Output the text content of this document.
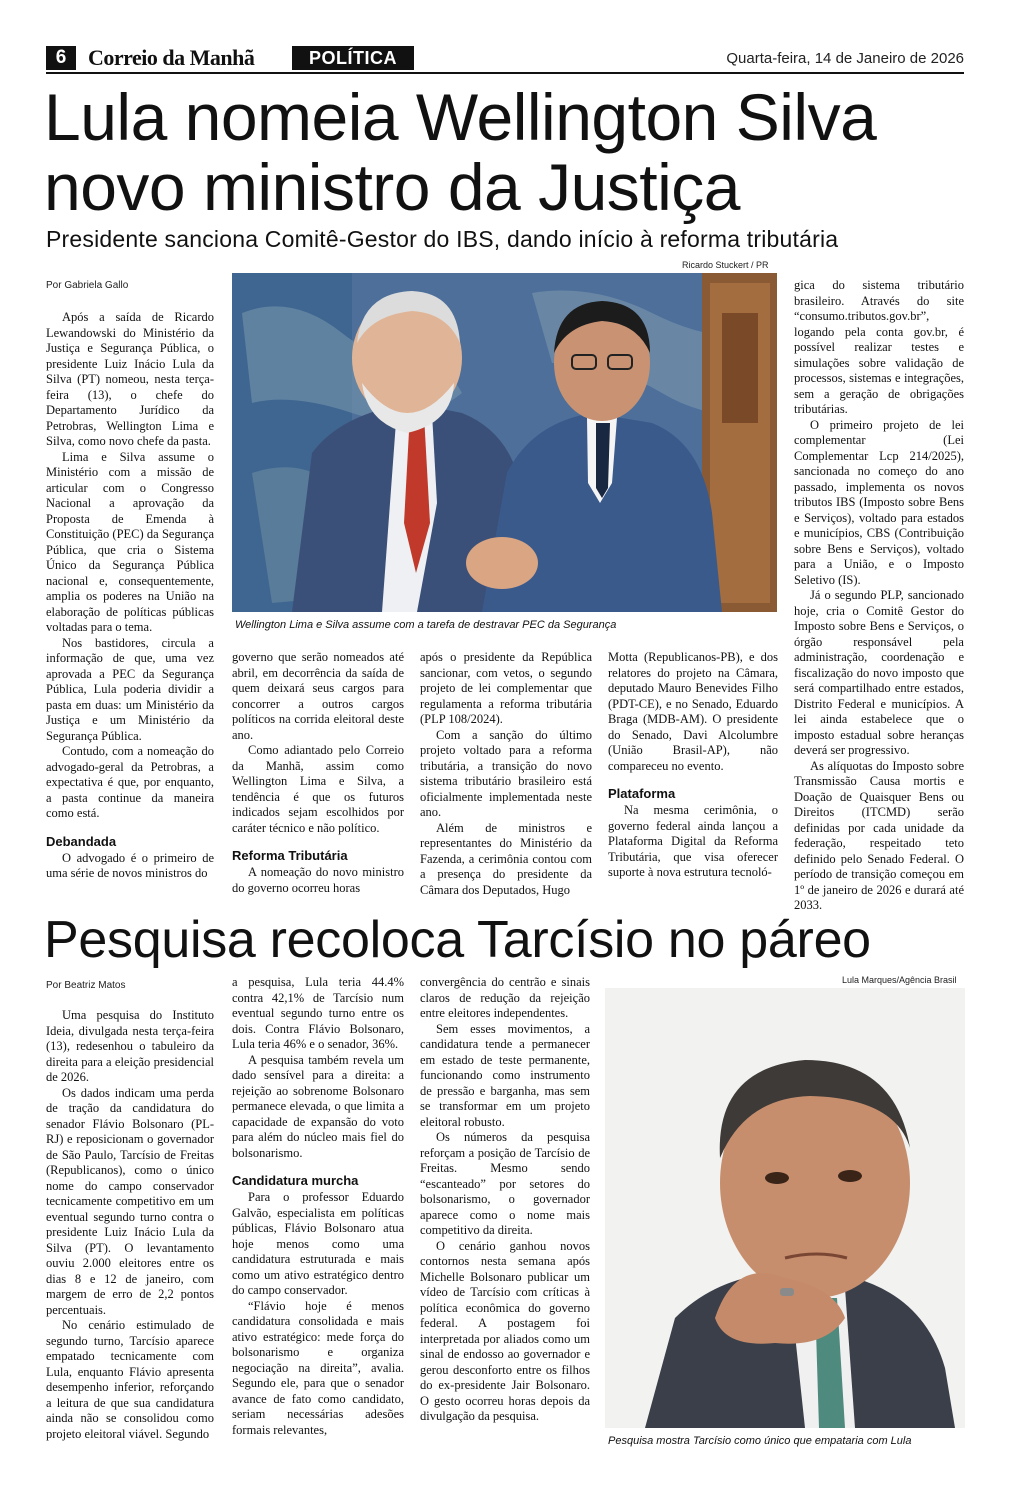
6 Correio da Manhã	POLÍTICA	Quarta-feira, 14 de Janeiro de 2026
Lula nomeia Wellington Silva novo ministro da Justiça
Presidente sanciona Comitê-Gestor do IBS, dando início à reforma tributária
Por Gabriela Gallo
Ricardo Stuckert / PR
Wellington Lima e Silva assume com a tarefa de destravar PEC da Segurança

Após a saída de Ricardo Lewandowski do Ministério da Justiça e Segurança Pública, o presidente Luiz Inácio Lula da Silva (PT) nomeou, nesta terça-feira (13), o chefe do Departamento Jurídico da Petrobras, Wellington Lima e Silva, como novo chefe da pasta.

Lima e Silva assume o Ministério com a missão de articular com o Congresso Nacional a aprovação da Proposta de Emenda à Constituição (PEC) da Segurança Pública, que cria o Sistema Único da Segurança Pública nacional e, consequentemente, amplia os poderes na União na elaboração de políticas públicas voltadas para o tema.

Nos bastidores, circula a informação de que, uma vez aprovada a PEC da Segurança Pública, Lula poderia dividir a pasta em duas: um Ministério da Justiça e um Ministério da Segurança Pública.

Contudo, com a nomeação do advogado-geral da Petrobras, a expectativa é que, por enquanto, a pasta continue da maneira como está.

Debandada

O advogado é o primeiro de uma série de novos ministros do

governo que serão nomeados até abril, em decorrência da saída de quem deixará seus cargos para concorrer a outros cargos políticos na corrida eleitoral deste ano.

Como adiantado pelo Correio da Manhã, assim como Wellington Lima e Silva, a tendência é que os futuros indicados sejam escolhidos por caráter técnico e não político.

Reforma Tributária

A nomeação do novo ministro do governo ocorreu horas

após o presidente da República sancionar, com vetos, o segundo projeto de lei complementar que regulamenta a reforma tributária (PLP 108/2024).

Com a sanção do último projeto voltado para a reforma tributária, a transição do novo sistema tributário brasileiro está oficialmente implementada neste ano.

Além de ministros e representantes do Ministério da Fazenda, a cerimônia contou com a presença do presidente da Câmara dos Deputados, Hugo

Motta (Republicanos-PB), e dos relatores do projeto na Câmara, deputado Mauro Benevides Filho (PDT-CE), e no Senado, Eduardo Braga (MDB-AM). O presidente do Senado, Davi Alcolumbre (União Brasil-AP), não compareceu no evento.

Plataforma

Na mesma cerimônia, o governo federal ainda lançou a Plataforma Digital da Reforma Tributária, que visa oferecer suporte à nova estrutura tecnoló-

gica do sistema tributário brasileiro. Através do site “consumo.tributos.gov.br”, logando pela conta gov.br, é possível realizar testes e simulações sobre validação de processos, sistemas e integrações, sem a geração de obrigações tributárias.

O primeiro projeto de lei complementar (Lei Complementar Lcp 214/2025), sancionada no começo do ano passado, implementa os novos tributos IBS (Imposto sobre Bens e Serviços), voltado para estados e municípios, CBS (Contribuição sobre Bens e Serviços), voltado para a União, e o Imposto Seletivo (IS).

Já o segundo PLP, sancionado hoje, cria o Comitê Gestor do Imposto sobre Bens e Serviços, o órgão responsável pela administração, coordenação e fiscalização do novo imposto que será compartilhado entre estados, Distrito Federal e municípios. A lei ainda estabelece que o imposto estadual sobre heranças deverá ser progressivo.

As alíquotas do Imposto sobre Transmissão Causa mortis e Doação de Quaisquer Bens ou Direitos (ITCMD) serão definidas por cada unidade da federação, respeitado teto definido pelo Senado Federal. O período de transição começou em 1º de janeiro de 2026 e durará até 2033.

Pesquisa recoloca Tarcísio no páreo
Por Beatriz Matos	Lula Marques/Agência Brasil

Uma pesquisa do Instituto Ideia, divulgada nesta terça-feira (13), redesenhou o tabuleiro da direita para a eleição presidencial de 2026.

Os dados indicam uma perda de tração da candidatura do senador Flávio Bolsonaro (PL-RJ) e reposicionam o governador de São Paulo, Tarcísio de Freitas (Republicanos), como o único nome do campo conservador tecnicamente competitivo em um eventual segundo turno contra o presidente Luiz Inácio Lula da Silva (PT). O levantamento ouviu 2.000 eleitores entre os dias 8 e 12 de janeiro, com margem de erro de 2,2 pontos percentuais.

No cenário estimulado de segundo turno, Tarcísio aparece empatado tecnicamente com Lula, enquanto Flávio apresenta desempenho inferior, reforçando a leitura de que sua candidatura ainda não se consolidou como projeto eleitoral viável. Segundo

a pesquisa, Lula teria 44.4% contra 42,1% de Tarcísio num eventual segundo turno entre os dois. Contra Flávio Bolsonaro, Lula teria 46% e o senador, 36%.

A pesquisa também revela um dado sensível para a direita: a rejeição ao sobrenome Bolsonaro permanece elevada, o que limita a capacidade de expansão do voto para além do núcleo mais fiel do bolsonarismo.

Candidatura murcha

Para o professor Eduardo Galvão, especialista em políticas públicas, Flávio Bolsonaro atua hoje menos como uma candidatura estruturada e mais como um ativo estratégico dentro do campo conservador.

“Flávio hoje é menos candidatura consolidada e mais ativo estratégico: mede força do bolsonarismo e organiza negociação na direita”, avalia. Segundo ele, para que o senador avance de fato como candidato, seriam necessárias adesões formais relevantes,

convergência do centrão e sinais claros de redução da rejeição entre eleitores independentes.

Sem esses movimentos, a candidatura tende a permanecer em estado de teste permanente, funcionando como instrumento de pressão e barganha, mas sem se transformar em um projeto eleitoral robusto.

Os números da pesquisa reforçam a posição de Tarcísio de Freitas. Mesmo sendo “escanteado” por setores do bolsonarismo, o governador aparece como o nome mais competitivo da direita.

O cenário ganhou novos contornos nesta semana após Michelle Bolsonaro publicar um vídeo de Tarcísio com críticas à política econômica do governo federal. A postagem foi interpretada por aliados como um sinal de endosso ao governador e gerou desconforto entre os filhos do ex-presidente Jair Bolsonaro. O gesto ocorreu horas depois da divulgação da pesquisa.

Pesquisa mostra Tarcísio como único que empataria com Lula
